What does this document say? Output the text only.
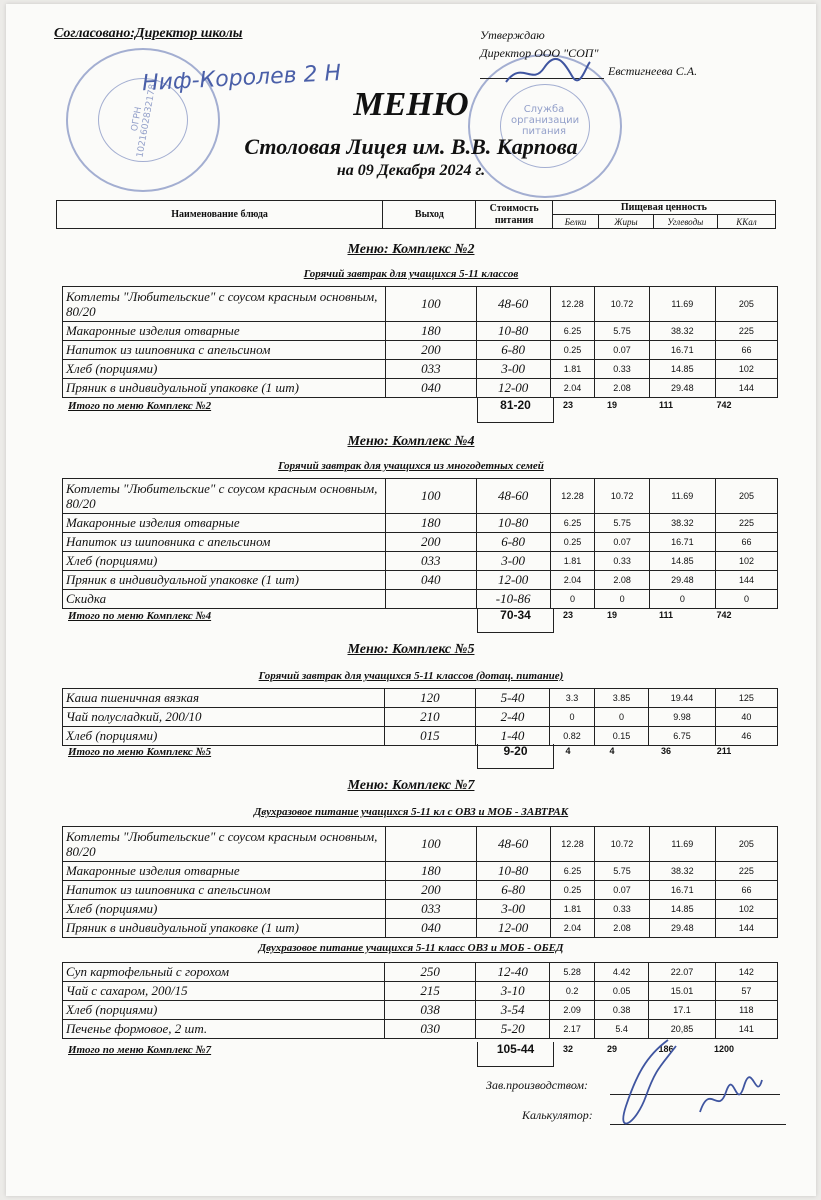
ОГРН 1021602832178	Служба организации питания
Согласовано:Директор школы	Утверждаю
Директор ООО "СОП"
Евстигнеева С.А.
Ниф-Королев 2 Н
МЕНЮ
Столовая Лицея им. В.В. Карпова
на 09 Декабря 2024 г.
Наименование блюда	Выход	Стоимость питания	Пищевая ценность			
			Белки	Жиры	Углеводы	ККал
Меню: Комплекс №2
Горячий завтрак для учащихся 5-11 классов
Котлеты "Любительские" с соусом красным основным, 80/20	100	48-60	12.28	10.72	11.69	205
Макаронные изделия отварные	180	10-80	6.25	5.75	38.32	225
Напиток из шиповника с апельсином	200	6-80	0.25	0.07	16.71	66
Хлеб (порциями)	033	3-00	1.81	0.33	14.85	102
Пряник в индивидуальной упаковке (1 шт)	040	12-00	2.04	2.08	29.48	144
Итого по меню Комплекс №2	81-20	23	19	111	742
Меню: Комплекс №4
Горячий завтрак для учащихся из многодетных семей
Котлеты "Любительские" с соусом красным основным, 80/20	100	48-60	12.28	10.72	11.69	205
Макаронные изделия отварные	180	10-80	6.25	5.75	38.32	225
Напиток из шиповника с апельсином	200	6-80	0.25	0.07	16.71	66
Хлеб (порциями)	033	3-00	1.81	0.33	14.85	102
Пряник в индивидуальной упаковке (1 шт)	040	12-00	2.04	2.08	29.48	144
Скидка		-10-86	0	0	0	0
Итого по меню Комплекс №4	70-34	23	19	111	742
Меню: Комплекс №5
Горячий завтрак для учащихся 5-11 классов (дотац. питание)
Каша пшеничная вязкая	120	5-40	3.3	3.85	19.44	125
Чай полусладкий, 200/10	210	2-40	0	0	9.98	40
Хлеб (порциями)	015	1-40	0.82	0.15	6.75	46
Итого по меню Комплекс №5	9-20	4	4	36	211
Меню: Комплекс №7
Двухразовое питание учащихся 5-11 кл с ОВЗ и МОБ - ЗАВТРАК
Котлеты "Любительские" с соусом красным основным, 80/20	100	48-60	12.28	10.72	11.69	205
Макаронные изделия отварные	180	10-80	6.25	5.75	38.32	225
Напиток из шиповника с апельсином	200	6-80	0.25	0.07	16.71	66
Хлеб (порциями)	033	3-00	1.81	0.33	14.85	102
Пряник в индивидуальной упаковке (1 шт)	040	12-00	2.04	2.08	29.48	144
Двухразовое питание учащихся 5-11 класс ОВЗ и МОБ - ОБЕД
Суп картофельный с горохом	250	12-40	5.28	4.42	22.07	142
Чай с сахаром, 200/15	215	3-10	0.2	0.05	15.01	57
Хлеб (порциями)	038	3-54	2.09	0.38	17.1	118
Печенье формовое, 2 шт.	030	5-20	2.17	5.4	20,85	141
Итого по меню Комплекс №7	105-44	32	29	186	1200
Зав.производством:
Калькулятор:
